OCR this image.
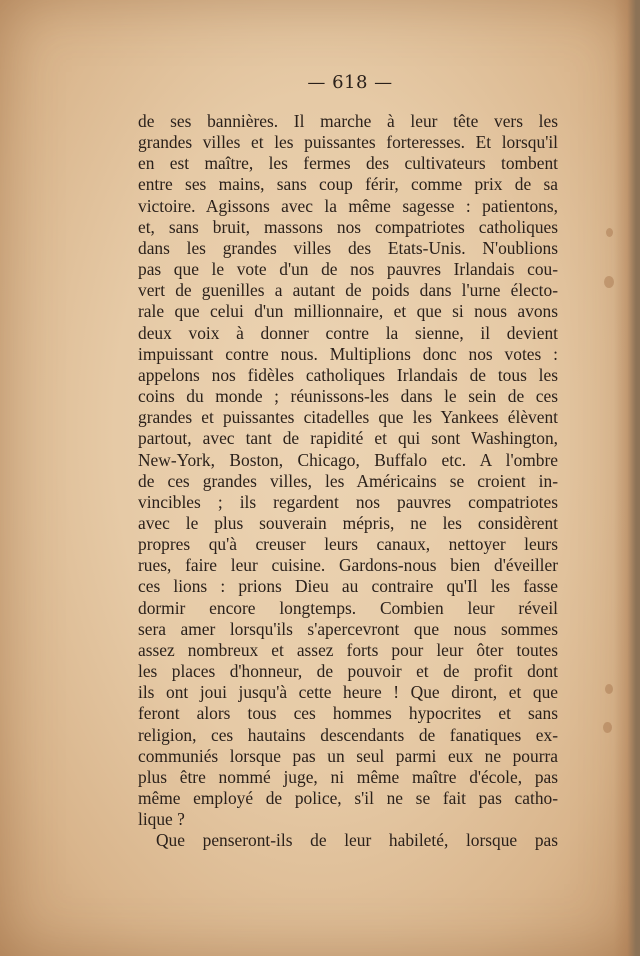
— 618 —
de ses bannières. Il marche à leur tête vers les
grandes villes et les puissantes forteresses. Et lorsqu'il
en est maître, les fermes des cultivateurs tombent
entre ses mains, sans coup férir, comme prix de sa
victoire. Agissons avec la même sagesse : patientons,
et, sans bruit, massons nos compatriotes catholiques
dans les grandes villes des Etats-Unis. N'oublions
pas que le vote d'un de nos pauvres Irlandais cou-
vert de guenilles a autant de poids dans l'urne électo-
rale que celui d'un millionnaire, et que si nous avons
deux voix à donner contre la sienne, il devient
impuissant contre nous. Multiplions donc nos votes :
appelons nos fidèles catholiques Irlandais de tous les
coins du monde ; réunissons-les dans le sein de ces
grandes et puissantes citadelles que les Yankees élèvent
partout, avec tant de rapidité et qui sont Washington,
New-York, Boston, Chicago, Buffalo etc. A l'ombre
de ces grandes villes, les Américains se croient in-
vincibles ; ils regardent nos pauvres compatriotes
avec le plus souverain mépris, ne les considèrent
propres qu'à creuser leurs canaux, nettoyer leurs
rues, faire leur cuisine. Gardons-nous bien d'éveiller
ces lions : prions Dieu au contraire qu'Il les fasse
dormir encore longtemps. Combien leur réveil
sera amer lorsqu'ils s'apercevront que nous sommes
assez nombreux et assez forts pour leur ôter toutes
les places d'honneur, de pouvoir et de profit dont
ils ont joui jusqu'à cette heure ! Que diront, et que
feront alors tous ces hommes hypocrites et sans
religion, ces hautains descendants de fanatiques ex-
communiés lorsque pas un seul parmi eux ne pourra
plus être nommé juge, ni même maître d'école, pas
même employé de police, s'il ne se fait pas catho-
lique ?
Que penseront-ils de leur habileté, lorsque pas
